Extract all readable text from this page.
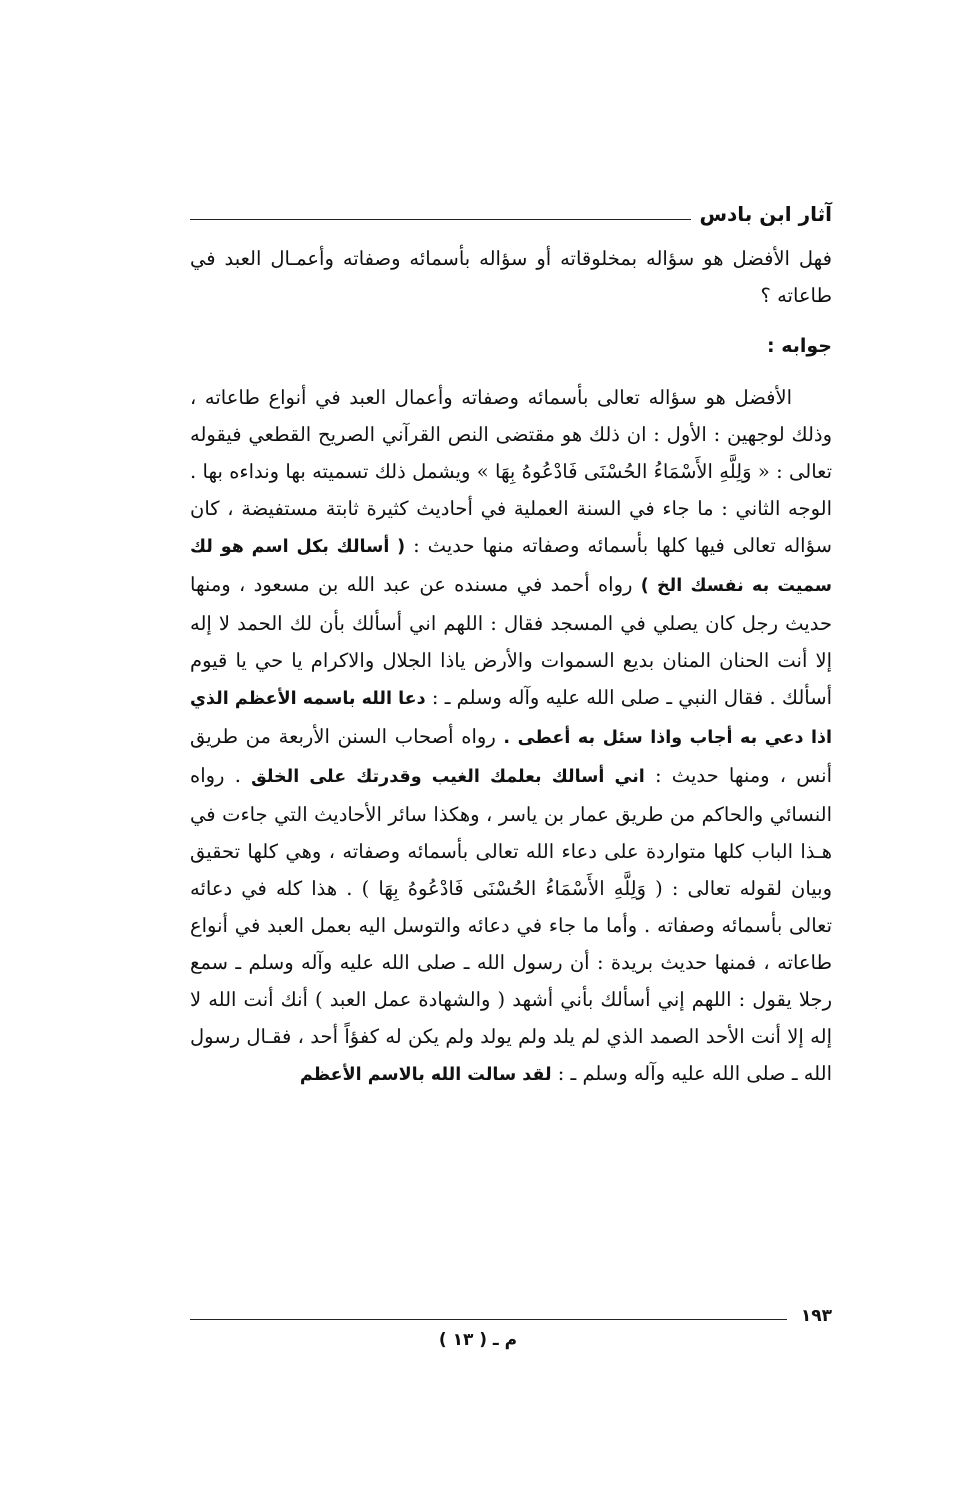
آثار ابن بادس

فهل الأفضل هو سؤاله بمخلوقاته أو سؤاله بأسمائه وصفاته وأعمـال العبد في طاعاته ؟

جوابه :

الأفضل هو سؤاله تعالى بأسمائه وصفاته وأعمال العبد في أنواع طاعاته ، وذلك لوجهين : الأول : ان ذلك هو مقتضى النص القرآني الصريح القطعي فيقوله تعالى : « وَلِلَّهِ الأَسْمَاءُ الحُسْنَى فَادْعُوهُ بِهَا » ويشمل ذلك تسميته بها ونداءه بها . الوجه الثاني : ما جاء في السنة العملية في أحاديث كثيرة ثابتة مستفيضة ، كان سؤاله تعالى فيها كلها بأسمائه وصفاته منها حديث : ( أسالك بكل اسم هو لك سميت به نفسك الخ ) رواه أحمد في مسنده عن عبد الله بن مسعود ، ومنها حديث رجل كان يصلي في المسجد فقال : اللهم اني أسألك بأن لك الحمد لا إله إلا أنت الحنان المنان بديع السموات والأرض ياذا الجلال والاكرام يا حي يا قيوم أسألك . فقال النبي ـ صلى الله عليه وآله وسلم ـ : دعا الله باسمه الأعظم الذي اذا دعي به أجاب واذا سئل به أعطى . رواه أصحاب السنن الأربعة من طريق أنس ، ومنها حديث : اني أسالك بعلمك الغيب وقدرتك على الخلق . رواه النسائي والحاكم من طريق عمار بن ياسر ، وهكذا سائر الأحاديث التي جاءت في هـذا الباب كلها متواردة على دعاء الله تعالى بأسمائه وصفاته ، وهي كلها تحقيق وبيان لقوله تعالى : ( وَلِلَّهِ الأَسْمَاءُ الحُسْنَى فَادْعُوهُ بِهَا ) . هذا كله في دعائه تعالى بأسمائه وصفاته . وأما ما جاء في دعائه والتوسل اليه بعمل العبد في أنواع طاعاته ، فمنها حديث بريدة : أن رسول الله ـ صلى الله عليه وآله وسلم ـ سمع رجلا يقول : اللهم إني أسألك بأني أشهد ( والشهادة عمل العبد ) أنك أنت الله لا إله إلا أنت الأحد الصمد الذي لم يلد ولم يولد ولم يكن له كفؤاً أحد ، فقـال رسول الله ـ صلى الله عليه وآله وسلم ـ : لقد سالت الله بالاسم الأعظم

١٩٣
م ـ ( ١٣ )
